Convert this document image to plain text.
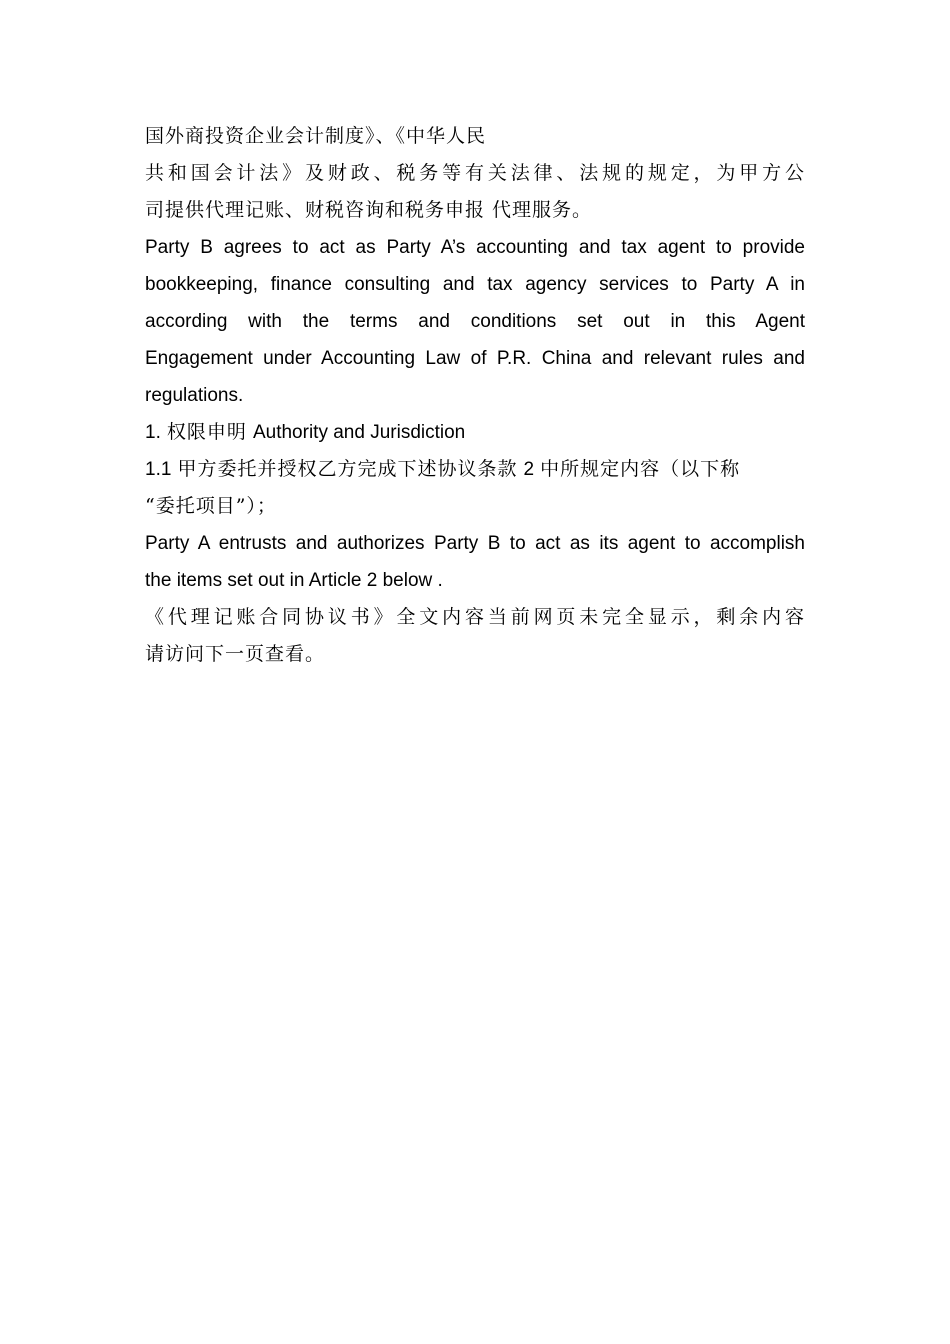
国外商投资企业会计制度》、《中华人民
共和国会计法》及财政、税务等有关法律、法规的规定，为甲方公
司提供代理记账、财税咨询和税务申报 代理服务。
Party B agrees to act as Party A’s accounting and tax agent to provide
bookkeeping, finance consulting and tax agency services to Party A in
according with the terms and conditions set out in this Agent
Engagement under Accounting Law of P.R. China and relevant rules and
regulations.
1. 权限申明 Authority and Jurisdiction
1.1 甲方委托并授权乙方完成下述协议条款 2 中所规定内容（以下称
“委托项目”）；
Party A entrusts and authorizes Party B to act as its agent to accomplish
the items set out in Article 2 below .
《代理记账合同协议书》全文内容当前网页未完全显示，剩余内容
请访问下一页查看。
